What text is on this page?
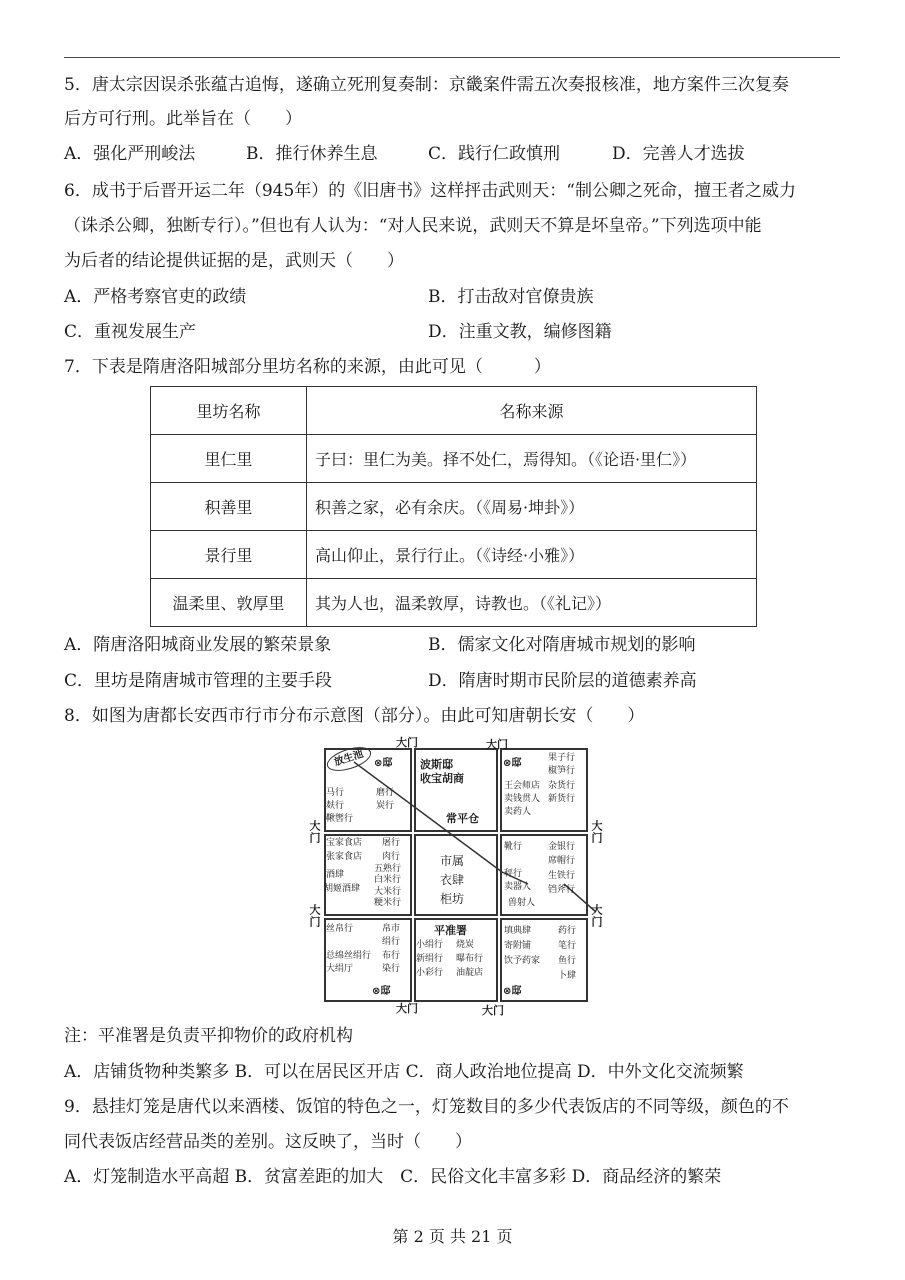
5．唐太宗因误杀张蕴古追悔，遂确立死刑复奏制：京畿案件需五次奏报核准，地方案件三次复奏
后方可行刑。此举旨在（　　）
A．强化严刑峻法	B．推行休养生息	C．践行仁政慎刑	D．完善人才选拔
6．成书于后晋开运二年（945年）的《旧唐书》这样抨击武则天：“制公卿之死命，擅王者之威力
（诛杀公卿，独断专行）。”但也有人认为：“对人民来说，武则天不算是坏皇帝。”下列选项中能
为后者的结论提供证据的是，武则天（　　）
A．严格考察官吏的政绩	B．打击敌对官僚贵族
C．重视发展生产	D．注重文教，编修图籍
7．下表是隋唐洛阳城部分里坊名称的来源，由此可见（　　　）
里坊名称	名称来源
里仁里	子曰：里仁为美。择不处仁，焉得知。（《论语·里仁》）
积善里	积善之家，必有余庆。（《周易·坤卦》）
景行里	高山仰止，景行行止。（《诗经·小雅》）
温柔里、敦厚里	其为人也，温柔敦厚，诗教也。（《礼记》）
A．隋唐洛阳城商业发展的繁荣景象	B．儒家文化对隋唐城市规划的影响
C．里坊是隋唐城市管理的主要手段	D．隋唐时期市民阶层的道德素养高
8．如图为唐都长安西市行市分布示意图（部分）。由此可知唐朝长安（　　）
大门	大门
大门
大门
大门
大门
大门	大门
放生池 ⊗邸
马行	磨行
麸行	炭行
鞦辔行
波斯邸
收宝胡商
常平仓
⊗邸	果子行
椒笋行
王会师店 杂货行
卖钱贯人 新货行
卖药人
宝家食店 屠行
张家食店 肉行
五熟行
酒肆	白米行
胡姬酒肆 大米行
粳米行
市属
衣肆
柜坊
靴行	金银行
席帽行
秤行	生铁行
卖器人 铛斧行
兽射人
丝帛行	帛市
绢行
总绵丝绢行 布行
大绢厅	染行
⊗邸
平准署
小绢行 烧炭
新绢行 曝布行
小彩行 油靛店
填典肆	药行
寄附铺	笔行
饮予药家 鱼行
卜肆
⊗邸
注：平准署是负责平抑物价的政府机构
A．店铺货物种类繁多 B．可以在居民区开店 C．商人政治地位提高 D．中外文化交流频繁
9．悬挂灯笼是唐代以来酒楼、饭馆的特色之一，灯笼数目的多少代表饭店的不同等级，颜色的不
同代表饭店经营品类的差别。这反映了，当时（　　）
A．灯笼制造水平高超 B．贫富差距的加大　C．民俗文化丰富多彩 D．商品经济的繁荣
第 2 页 共 21 页
